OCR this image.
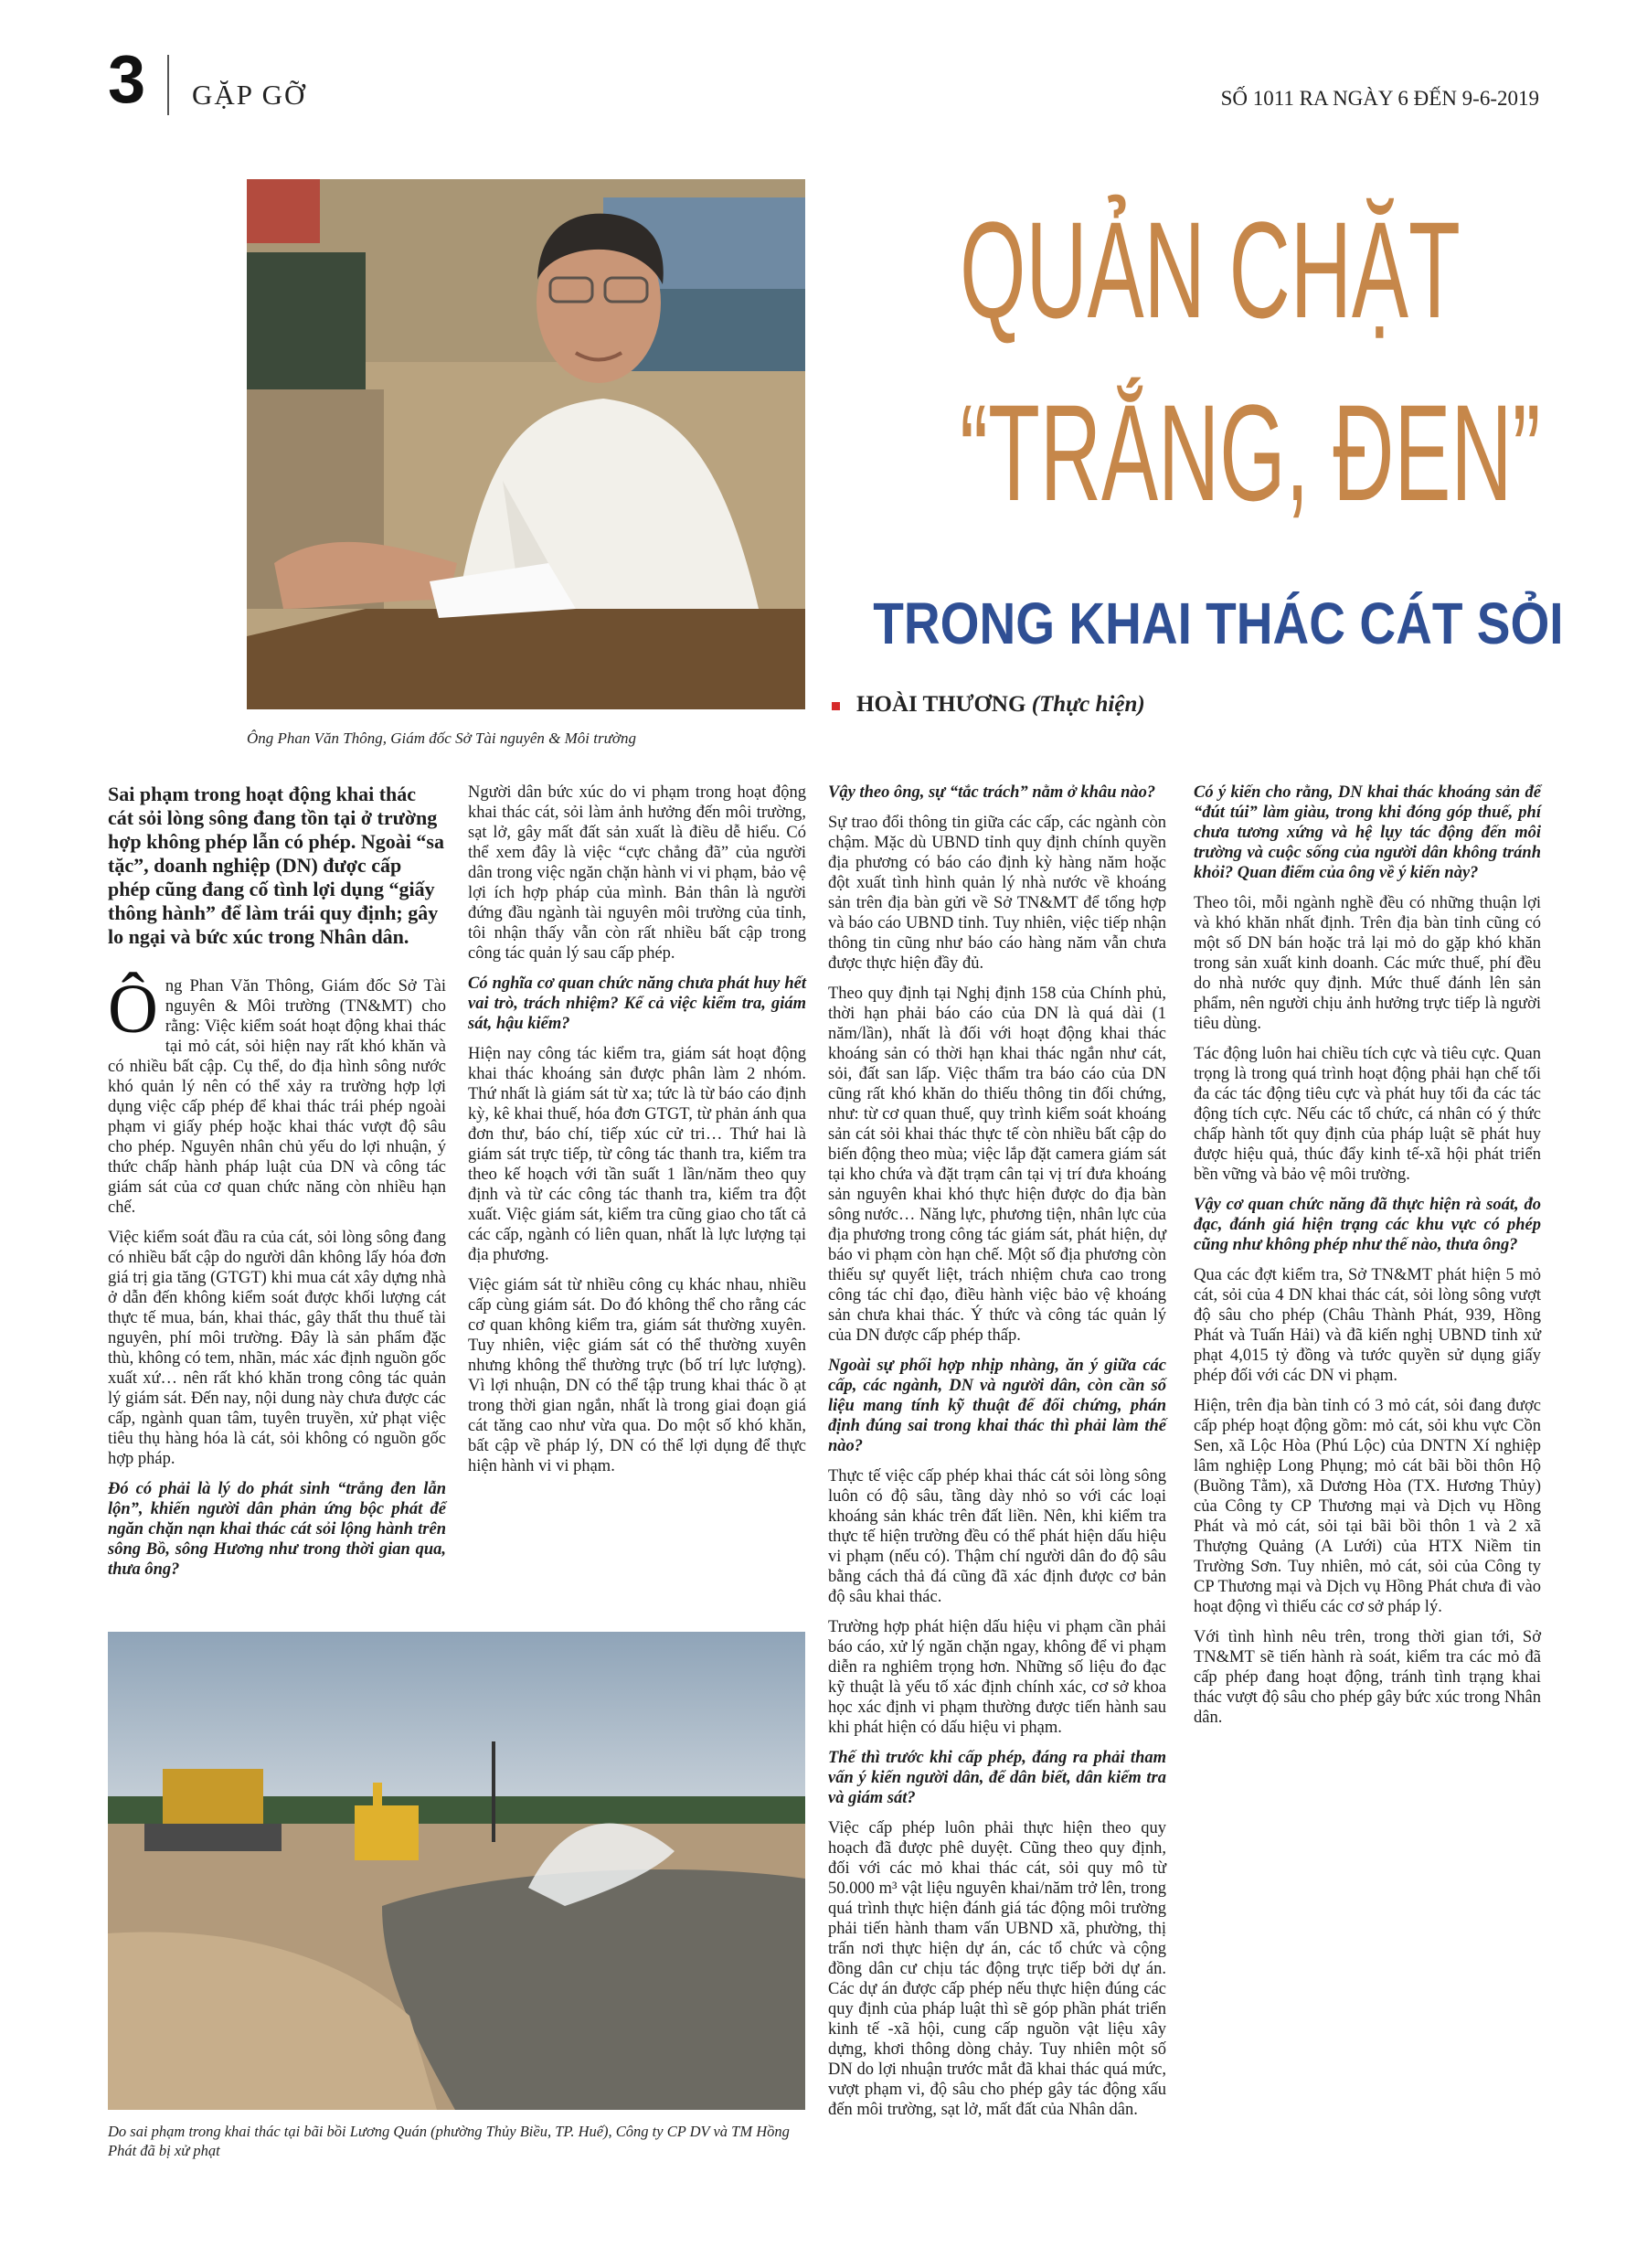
3 GẶP GỠ	SỐ 1011 RA NGÀY 6 ĐẾN 9-6-2019
Ông Phan Văn Thông, Giám đốc Sở Tài nguyên & Môi trường
QUẢN CHẶT
“TRẮNG, ĐEN”
TRONG KHAI THÁC CÁT SỎI
HOÀI THƯƠNG (Thực hiện)

Sai phạm trong hoạt động khai thác cát sỏi lòng sông đang tồn tại ở trường hợp không phép lẫn có phép. Ngoài “sa tặc”, doanh nghiệp (DN) được cấp phép cũng đang cố tình lợi dụng “giấy thông hành” để làm trái quy định; gây lo ngại và bức xúc trong Nhân dân.

Ông Phan Văn Thông, Giám đốc Sở Tài nguyên & Môi trường (TN&MT) cho rằng: Việc kiểm soát hoạt động khai thác tại mỏ cát, sỏi hiện nay rất khó khăn và có nhiều bất cập. Cụ thể, do địa hình sông nước khó quản lý nên có thể xảy ra trường hợp lợi dụng việc cấp phép để khai thác trái phép ngoài phạm vi giấy phép hoặc khai thác vượt độ sâu cho phép. Nguyên nhân chủ yếu do lợi nhuận, ý thức chấp hành pháp luật của DN và công tác giám sát của cơ quan chức năng còn nhiều hạn chế.

Việc kiểm soát đầu ra của cát, sỏi lòng sông đang có nhiều bất cập do người dân không lấy hóa đơn giá trị gia tăng (GTGT) khi mua cát xây dựng nhà ở dẫn đến không kiểm soát được khối lượng cát thực tế mua, bán, khai thác, gây thất thu thuế tài nguyên, phí môi trường. Đây là sản phẩm đặc thù, không có tem, nhãn, mác xác định nguồn gốc xuất xứ… nên rất khó khăn trong công tác quản lý giám sát. Đến nay, nội dung này chưa được các cấp, ngành quan tâm, tuyên truyền, xử phạt việc tiêu thụ hàng hóa là cát, sỏi không có nguồn gốc hợp pháp.

Đó có phải là lý do phát sinh “trắng đen lẫn lộn”, khiến người dân phản ứng bộc phát để ngăn chặn nạn khai thác cát sỏi lộng hành trên sông Bồ, sông Hương như trong thời gian qua, thưa ông?

Người dân bức xúc do vi phạm trong hoạt động khai thác cát, sỏi làm ảnh hưởng đến môi trường, sạt lở, gây mất đất sản xuất là điều dễ hiểu. Có thể xem đây là việc “cực chẳng đã” của người dân trong việc ngăn chặn hành vi vi phạm, bảo vệ lợi ích hợp pháp của mình. Bản thân là người đứng đầu ngành tài nguyên môi trường của tỉnh, tôi nhận thấy vẫn còn rất nhiều bất cập trong công tác quản lý sau cấp phép.

Có nghĩa cơ quan chức năng chưa phát huy hết vai trò, trách nhiệm? Kể cả việc kiểm tra, giám sát, hậu kiểm?

Hiện nay công tác kiểm tra, giám sát hoạt động khai thác khoáng sản được phân làm 2 nhóm. Thứ nhất là giám sát từ xa; tức là từ báo cáo định kỳ, kê khai thuế, hóa đơn GTGT, từ phản ánh qua đơn thư, báo chí, tiếp xúc cử tri… Thứ hai là giám sát trực tiếp, từ công tác thanh tra, kiểm tra theo kế hoạch với tần suất 1 lần/năm theo quy định và từ các công tác thanh tra, kiểm tra đột xuất. Việc giám sát, kiểm tra cũng giao cho tất cả các cấp, ngành có liên quan, nhất là lực lượng tại địa phương.

Việc giám sát từ nhiều công cụ khác nhau, nhiều cấp cùng giám sát. Do đó không thể cho rằng các cơ quan không kiểm tra, giám sát thường xuyên. Tuy nhiên, việc giám sát có thể thường xuyên nhưng không thể thường trực (bố trí lực lượng). Vì lợi nhuận, DN có thể tập trung khai thác ồ ạt trong thời gian ngắn, nhất là trong giai đoạn giá cát tăng cao như vừa qua. Do một số khó khăn, bất cập về pháp lý, DN có thể lợi dụng để thực hiện hành vi vi phạm.

Vậy theo ông, sự “tắc trách” nằm ở khâu nào?

Sự trao đổi thông tin giữa các cấp, các ngành còn chậm. Mặc dù UBND tỉnh quy định chính quyền địa phương có báo cáo định kỳ hàng năm hoặc đột xuất tình hình quản lý nhà nước về khoáng sản trên địa bàn gửi về Sở TN&MT để tổng hợp và báo cáo UBND tỉnh. Tuy nhiên, việc tiếp nhận thông tin cũng như báo cáo hàng năm vẫn chưa được thực hiện đầy đủ.

Theo quy định tại Nghị định 158 của Chính phủ, thời hạn phải báo cáo của DN là quá dài (1 năm/lần), nhất là đối với hoạt động khai thác khoáng sản có thời hạn khai thác ngắn như cát, sỏi, đất san lấp. Việc thẩm tra báo cáo của DN cũng rất khó khăn do thiếu thông tin đối chứng, như: từ cơ quan thuế, quy trình kiểm soát khoáng sản cát sỏi khai thác thực tế còn nhiều bất cập do biến động theo mùa; việc lắp đặt camera giám sát tại kho chứa và đặt trạm cân tại vị trí đưa khoáng sản nguyên khai khó thực hiện được do địa bàn sông nước… Năng lực, phương tiện, nhân lực của địa phương trong công tác giám sát, phát hiện, dự báo vi phạm còn hạn chế. Một số địa phương còn thiếu sự quyết liệt, trách nhiệm chưa cao trong công tác chỉ đạo, điều hành việc bảo vệ khoáng sản chưa khai thác. Ý thức và công tác quản lý của DN được cấp phép thấp.

Ngoài sự phối hợp nhịp nhàng, ăn ý giữa các cấp, các ngành, DN và người dân, còn cần số liệu mang tính kỹ thuật để đối chứng, phán định đúng sai trong khai thác thì phải làm thế nào?

Thực tế việc cấp phép khai thác cát sỏi lòng sông luôn có độ sâu, tầng dày nhỏ so với các loại khoáng sản khác trên đất liền. Nên, khi kiểm tra thực tế hiện trường đều có thể phát hiện dấu hiệu vi phạm (nếu có). Thậm chí người dân đo độ sâu bằng cách thả đá cũng đã xác định được cơ bản độ sâu khai thác.

Trường hợp phát hiện dấu hiệu vi phạm cần phải báo cáo, xử lý ngăn chặn ngay, không để vi phạm diễn ra nghiêm trọng hơn. Những số liệu đo đạc kỹ thuật là yếu tố xác định chính xác, cơ sở khoa học xác định vi phạm thường được tiến hành sau khi phát hiện có dấu hiệu vi phạm.

Thế thì trước khi cấp phép, đáng ra phải tham vấn ý kiến người dân, để dân biết, dân kiểm tra và giám sát?

Việc cấp phép luôn phải thực hiện theo quy hoạch đã được phê duyệt. Cũng theo quy định, đối với các mỏ khai thác cát, sỏi quy mô từ 50.000 m³ vật liệu nguyên khai/năm trở lên, trong quá trình thực hiện đánh giá tác động môi trường phải tiến hành tham vấn UBND xã, phường, thị trấn nơi thực hiện dự án, các tổ chức và cộng đồng dân cư chịu tác động trực tiếp bởi dự án. Các dự án được cấp phép nếu thực hiện đúng các quy định của pháp luật thì sẽ góp phần phát triển kinh tế -xã hội, cung cấp nguồn vật liệu xây dựng, khơi thông dòng chảy. Tuy nhiên một số DN do lợi nhuận trước mắt đã khai thác quá mức, vượt phạm vi, độ sâu cho phép gây tác động xấu đến môi trường, sạt lở, mất đất của Nhân dân.

Có ý kiến cho rằng, DN khai thác khoáng sản để “đút túi” làm giàu, trong khi đóng góp thuế, phí chưa tương xứng và hệ lụy tác động đến môi trường và cuộc sống của người dân không tránh khỏi? Quan điểm của ông về ý kiến này?

Theo tôi, mỗi ngành nghề đều có những thuận lợi và khó khăn nhất định. Trên địa bàn tỉnh cũng có một số DN bán hoặc trả lại mỏ do gặp khó khăn trong sản xuất kinh doanh. Các mức thuế, phí đều do nhà nước quy định. Mức thuế đánh lên sản phẩm, nên người chịu ảnh hưởng trực tiếp là người tiêu dùng.

Tác động luôn hai chiều tích cực và tiêu cực. Quan trọng là trong quá trình hoạt động phải hạn chế tối đa các tác động tiêu cực và phát huy tối đa các tác động tích cực. Nếu các tổ chức, cá nhân có ý thức chấp hành tốt quy định của pháp luật sẽ phát huy được hiệu quả, thúc đẩy kinh tế-xã hội phát triển bền vững và bảo vệ môi trường.

Vậy cơ quan chức năng đã thực hiện rà soát, đo đạc, đánh giá hiện trạng các khu vực có phép cũng như không phép như thế nào, thưa ông?

Qua các đợt kiểm tra, Sở TN&MT phát hiện 5 mỏ cát, sỏi của 4 DN khai thác cát, sỏi lòng sông vượt độ sâu cho phép (Châu Thành Phát, 939, Hồng Phát và Tuấn Hải) và đã kiến nghị UBND tỉnh xử phạt 4,015 tỷ đồng và tước quyền sử dụng giấy phép đối với các DN vi phạm.

Hiện, trên địa bàn tỉnh có 3 mỏ cát, sỏi đang được cấp phép hoạt động gồm: mỏ cát, sỏi khu vực Cồn Sen, xã Lộc Hòa (Phú Lộc) của DNTN Xí nghiệp lâm nghiệp Long Phụng; mỏ cát bãi bồi thôn Hộ (Buồng Tằm), xã Dương Hòa (TX. Hương Thủy) của Công ty CP Thương mại và Dịch vụ Hồng Phát và mỏ cát, sỏi tại bãi bồi thôn 1 và 2 xã Thượng Quảng (A Lưới) của HTX Niềm tin Trường Sơn. Tuy nhiên, mỏ cát, sỏi của Công ty CP Thương mại và Dịch vụ Hồng Phát chưa đi vào hoạt động vì thiếu các cơ sở pháp lý.

Với tình hình nêu trên, trong thời gian tới, Sở TN&MT sẽ tiến hành rà soát, kiểm tra các mỏ đã cấp phép đang hoạt động, tránh tình trạng khai thác vượt độ sâu cho phép gây bức xúc trong Nhân dân.

Do sai phạm trong khai thác tại bãi bồi Lương Quán (phường Thủy Biều, TP. Huế), Công ty CP DV và TM Hồng Phát đã bị xử phạt
